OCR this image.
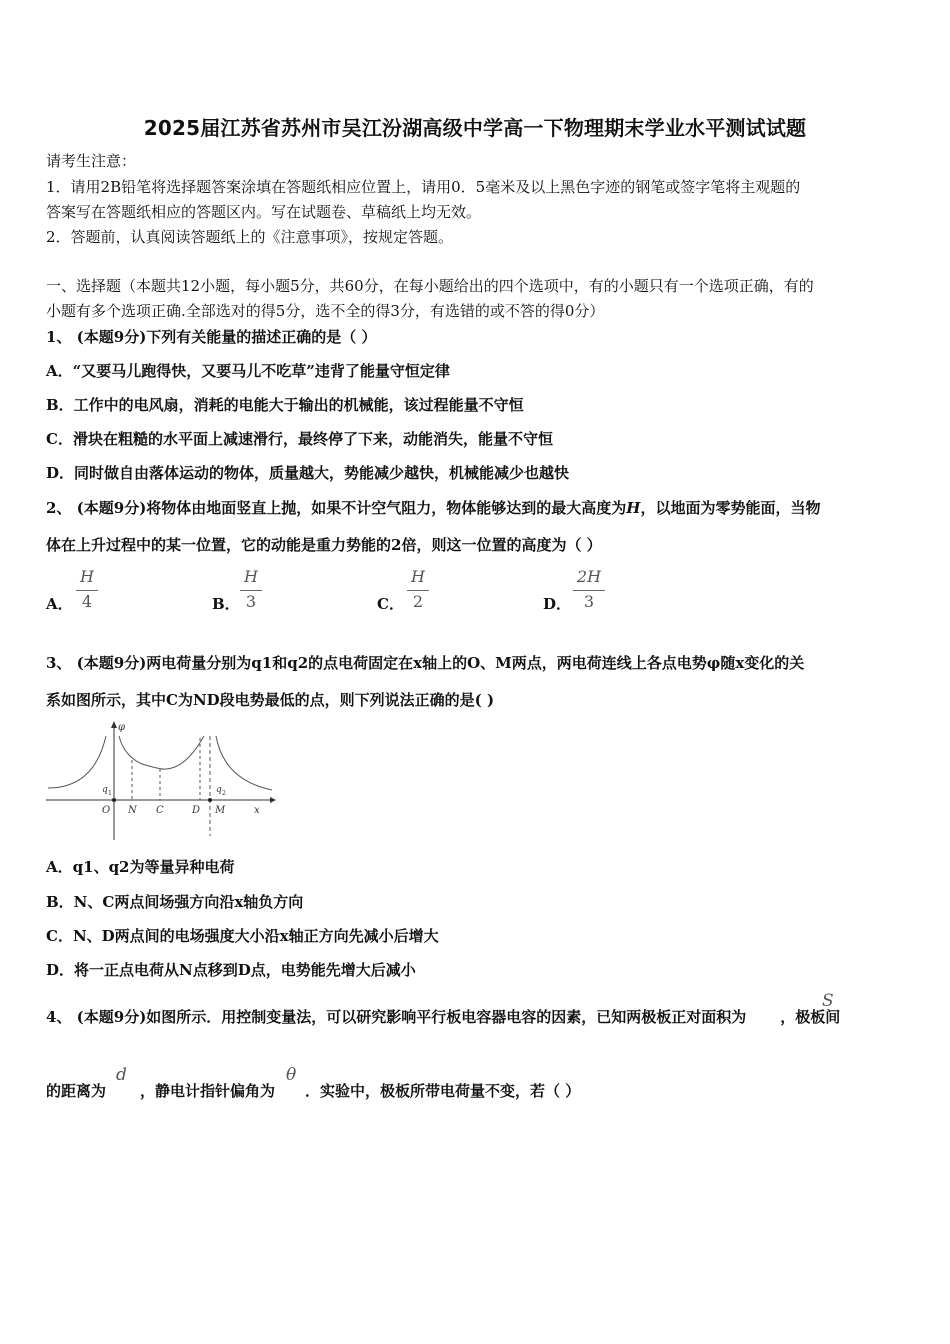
2025届江苏省苏州市吴江汾湖高级中学高一下物理期末学业水平测试试题
请考生注意：
1．请用2B铅笔将选择题答案涂填在答题纸相应位置上，请用0．5毫米及以上黑色字迹的钢笔或签字笔将主观题的
答案写在答题纸相应的答题区内。写在试题卷、草稿纸上均无效。
2．答题前，认真阅读答题纸上的《注意事项》，按规定答题。
一、选择题（本题共12小题，每小题5分，共60分，在每小题给出的四个选项中，有的小题只有一个选项正确，有的
小题有多个选项正确.全部选对的得5分，选不全的得3分，有选错的或不答的得0分）
1、 (本题9分)下列有关能量的描述正确的是（ ）
A．“又要马儿跑得快，又要马儿不吃草”违背了能量守恒定律
B．工作中的电风扇，消耗的电能大于输出的机械能，该过程能量不守恒
C．滑块在粗糙的水平面上减速滑行，最终停了下来，动能消失，能量不守恒
D．同时做自由落体运动的物体，质量越大，势能减少越快，机械能减少也越快
2、 (本题9分)将物体由地面竖直上抛，如果不计空气阻力，物体能够达到的最大高度为H，以地面为零势能面，当物
体在上升过程中的某一位置，它的动能是重力势能的2倍，则这一位置的高度为（ ）
A．
H
4	B．
H
3	C．
H
2	D．
2H
3
3、 (本题9分)两电荷量分别为q1和q2的点电荷固定在x轴上的O、M两点，两电荷连线上各点电势φ随x变化的关
系如图所示，其中C为ND段电势最低的点，则下列说法正确的是( )
φ
q 1	q 2
O N C	D M	x
A．q1、q2为等量异种电荷
B．N、C两点间场强方向沿x轴负方向
C．N、D两点间的电场强度大小沿x轴正方向先减小后增大
D．将一正点电荷从N点移到D点，电势能先增大后减小
4、 (本题9分)如图所示．用控制变量法，可以研究影响平行板电容器电容的因素，已知两极板正对面积为 ，极板间
S
的距离为 ，静电计指针偏角为 ．实验中，极板所带电荷量不变，若（ ）
d	θ
